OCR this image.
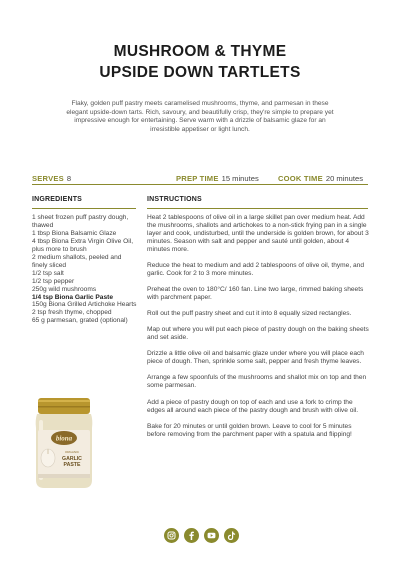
MUSHROOM & THYME
UPSIDE DOWN TARTLETS
Flaky, golden puff pastry meets caramelised mushrooms, thyme, and parmesan in these elegant upside-down tarts. Rich, savoury, and beautifully crisp, they're simple to prepare yet impressive enough for entertaining. Serve warm with a drizzle of balsamic glaze for an irresistible appetiser or light lunch.
SERVES 8	PREP TIME 15 minutes	COOK TIME 20 minutes
INGREDIENTS	INSTRUCTIONS

1 sheet frozen puff pastry dough, thawed

1 tbsp Biona Balsamic Glaze

4 tbsp Biona Extra Virgin Olive Oil, plus more to brush

2 medium shallots, peeled and finely sliced

1/2 tsp salt

1/2 tsp pepper

250g wild mushrooms

1/4 tsp Biona Garlic Paste

150g Biona Grilled Artichoke Hearts

2 tsp fresh thyme, chopped

65 g parmesan, grated (optional)

Heat 2 tablespoons of olive oil in a large skillet pan over medium heat. Add the mushrooms, shallots and artichokes to a non-stick frying pan in a single layer and cook, undisturbed, until the underside is golden brown, for about 3 minutes. Season with salt and pepper and sauté until golden, about 4 minutes more.

Reduce the heat to medium and add 2 tablespoons of olive oil, thyme, and garlic. Cook for 2 to 3 more minutes.

Preheat the oven to 180°C/ 160 fan. Line two large, rimmed baking sheets with parchment paper.

Roll out the puff pastry sheet and cut it into 8 equally sized rectangles.

Map out where you will put each piece of pastry dough on the baking sheets and set aside.

Drizzle a little olive oil and balsamic glaze under where you will place each piece of dough. Then, sprinkle some salt, pepper and fresh thyme leaves.

Arrange a few spoonfuls of the mushrooms and shallot mix on top and then some parmesan.

Add a piece of pastry dough on top of each and use a fork to crimp the edges all around each piece of the pastry dough and brush with olive oil.

Bake for 20 minutes or until golden brown. Leave to cool for 5 minutes before removing from the parchment paper with a spatula and flipping!

biona
ORGANIC
GARLIC
PASTE
